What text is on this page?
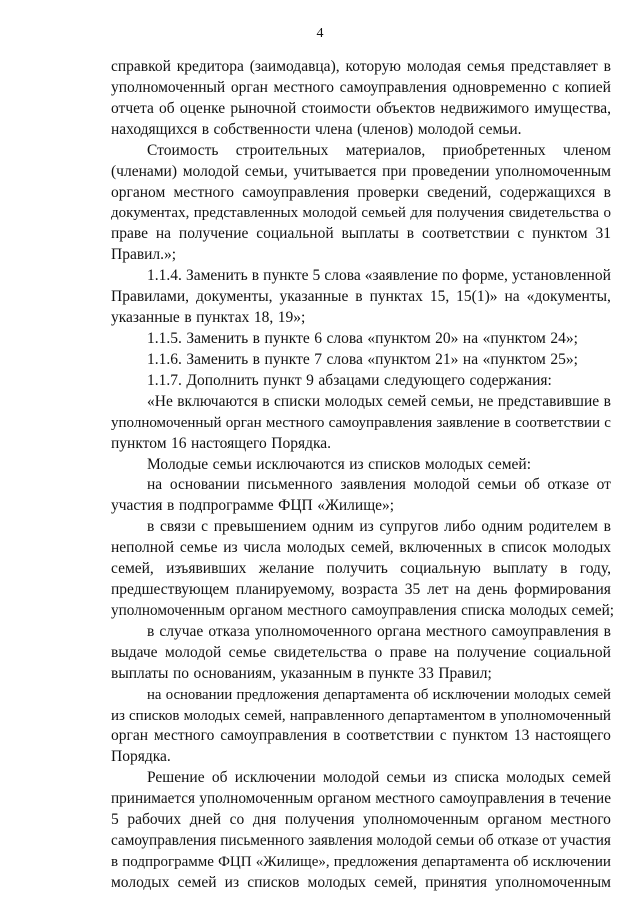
4
справкой кредитора (заимодавца), которую молодая семья представляет в
уполномоченный орган местного самоуправления одновременно с копией
отчета об оценке рыночной стоимости объектов недвижимого имущества,
находящихся в собственности члена (членов) молодой семьи.
Стоимость строительных материалов, приобретенных членом
(членами) молодой семьи, учитывается при проведении уполномоченным
органом местного самоуправления проверки сведений, содержащихся в
документах, представленных молодой семьей для получения свидетельства о
праве на получение социальной выплаты в соответствии с пунктом 31
Правил.»;
1.1.4. Заменить в пункте 5 слова «заявление по форме, установленной
Правилами, документы, указанные в пунктах 15, 15(1)» на «документы,
указанные в пунктах 18, 19»;
1.1.5. Заменить в пункте 6 слова «пунктом 20» на «пунктом 24»;
1.1.6. Заменить в пункте 7 слова «пунктом 21» на «пунктом 25»;
1.1.7. Дополнить пункт 9 абзацами следующего содержания:
«Не включаются в списки молодых семей семьи, не представившие в
уполномоченный орган местного самоуправления заявление в соответствии с
пунктом 16 настоящего Порядка.
Молодые семьи исключаются из списков молодых семей:
на основании письменного заявления молодой семьи об отказе от
участия в подпрограмме ФЦП «Жилище»;
в связи с превышением одним из супругов либо одним родителем в
неполной семье из числа молодых семей, включенных в список молодых
семей, изъявивших желание получить социальную выплату в году,
предшествующем планируемому, возраста 35 лет на день формирования
уполномоченным органом местного самоуправления списка молодых семей;
в случае отказа уполномоченного органа местного самоуправления в
выдаче молодой семье свидетельства о праве на получение социальной
выплаты по основаниям, указанным в пункте 33 Правил;
на основании предложения департамента об исключении молодых семей
из списков молодых семей, направленного департаментом в уполномоченный
орган местного самоуправления в соответствии с пунктом 13 настоящего
Порядка.
Решение об исключении молодой семьи из списка молодых семей
принимается уполномоченным органом местного самоуправления в течение
5 рабочих дней со дня получения уполномоченным органом местного
самоуправления письменного заявления молодой семьи об отказе от участия
в подпрограмме ФЦП «Жилище», предложения департамента об исключении
молодых семей из списков молодых семей, принятия уполномоченным
